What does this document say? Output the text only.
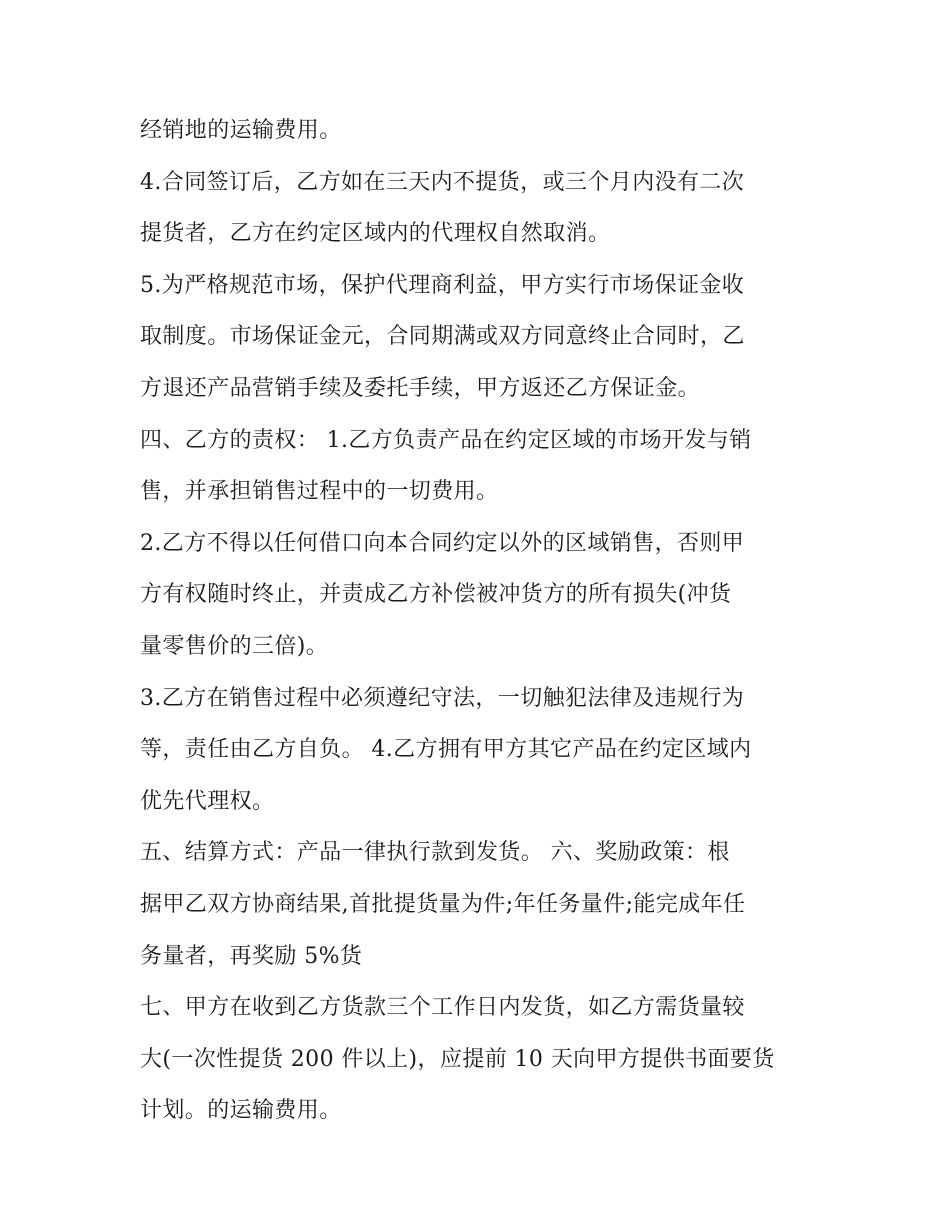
经销地的运输费用。
4.合同签订后，乙方如在三天内不提货，或三个月内没有二次
提货者，乙方在约定区域内的代理权自然取消。
5.为严格规范市场，保护代理商利益，甲方实行市场保证金收
取制度。市场保证金元，合同期满或双方同意终止合同时，乙
方退还产品营销手续及委托手续，甲方返还乙方保证金。
四、乙方的责权： 1.乙方负责产品在约定区域的市场开发与销
售，并承担销售过程中的一切费用。
2.乙方不得以任何借口向本合同约定以外的区域销售，否则甲
方有权随时终止，并责成乙方补偿被冲货方的所有损失(冲货
量零售价的三倍)。
3.乙方在销售过程中必须遵纪守法，一切触犯法律及违规行为
等，责任由乙方自负。 4.乙方拥有甲方其它产品在约定区域内
优先代理权。
五、结算方式：产品一律执行款到发货。 六、奖励政策：根
据甲乙双方协商结果,首批提货量为件;年任务量件;能完成年任
务量者，再奖励 5%货
七、甲方在收到乙方货款三个工作日内发货，如乙方需货量较
大(一次性提货 200 件以上)，应提前 10 天向甲方提供书面要货
计划。的运输费用。
